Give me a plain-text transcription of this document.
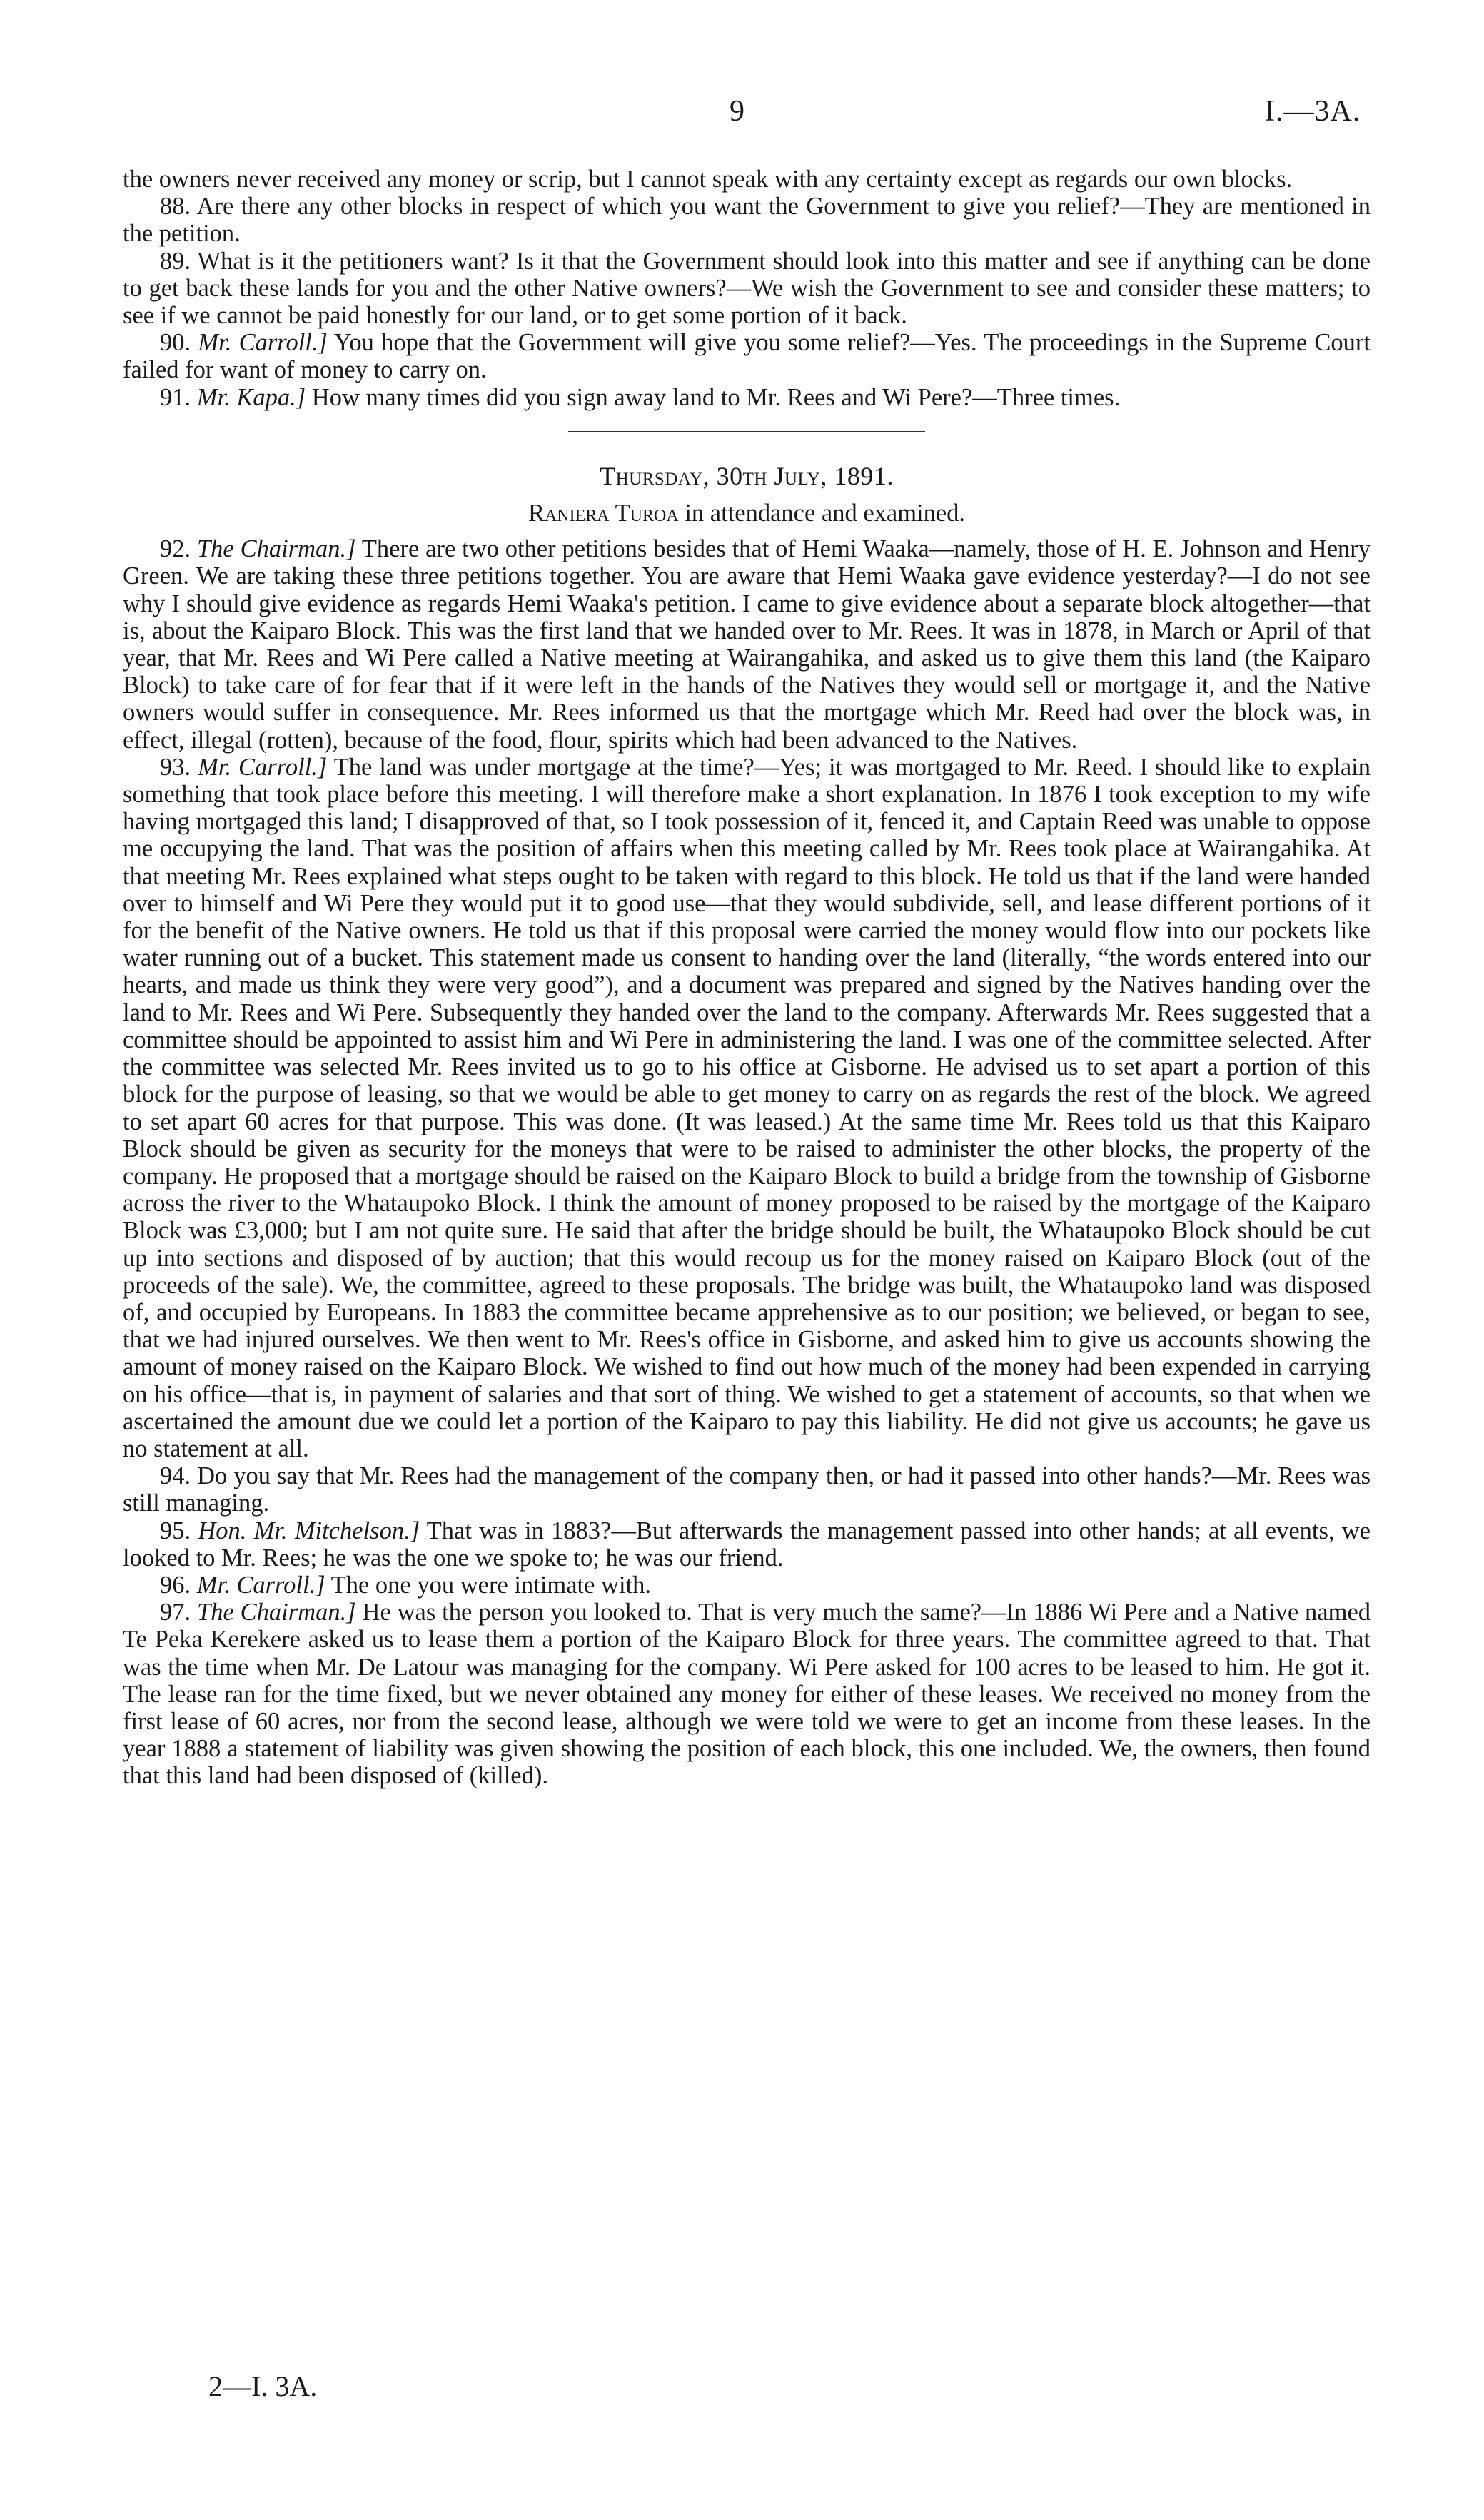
9	I.—3A.

the owners never received any money or scrip, but I cannot speak with any certainty except as regards our own blocks.

88. Are there any other blocks in respect of which you want the Government to give you relief?—They are mentioned in the petition.

89. What is it the petitioners want? Is it that the Government should look into this matter and see if anything can be done to get back these lands for you and the other Native owners?—We wish the Government to see and consider these matters; to see if we cannot be paid honestly for our land, or to get some portion of it back.

90. Mr. Carroll.] You hope that the Government will give you some relief?—Yes. The proceedings in the Supreme Court failed for want of money to carry on.

91. Mr. Kapa.] How many times did you sign away land to Mr. Rees and Wi Pere?—Three times.

Thursday, 30th July, 1891.

Raniera Turoa in attendance and examined.

92. The Chairman.] There are two other petitions besides that of Hemi Waaka—namely, those of H. E. Johnson and Henry Green. We are taking these three petitions together. You are aware that Hemi Waaka gave evidence yesterday?—I do not see why I should give evidence as regards Hemi Waaka's petition. I came to give evidence about a separate block altogether—that is, about the Kaiparo Block. This was the first land that we handed over to Mr. Rees. It was in 1878, in March or April of that year, that Mr. Rees and Wi Pere called a Native meeting at Wairangahika, and asked us to give them this land (the Kaiparo Block) to take care of for fear that if it were left in the hands of the Natives they would sell or mortgage it, and the Native owners would suffer in consequence. Mr. Rees informed us that the mortgage which Mr. Reed had over the block was, in effect, illegal (rotten), because of the food, flour, spirits which had been advanced to the Natives.

93. Mr. Carroll.] The land was under mortgage at the time?—Yes; it was mortgaged to Mr. Reed. I should like to explain something that took place before this meeting. I will therefore make a short explanation. In 1876 I took exception to my wife having mortgaged this land; I disapproved of that, so I took possession of it, fenced it, and Captain Reed was unable to oppose me occupying the land. That was the position of affairs when this meeting called by Mr. Rees took place at Wairangahika. At that meeting Mr. Rees explained what steps ought to be taken with regard to this block. He told us that if the land were handed over to himself and Wi Pere they would put it to good use—that they would subdivide, sell, and lease different portions of it for the benefit of the Native owners. He told us that if this proposal were carried the money would flow into our pockets like water running out of a bucket. This statement made us consent to handing over the land (literally, “the words entered into our hearts, and made us think they were very good”), and a document was prepared and signed by the Natives handing over the land to Mr. Rees and Wi Pere. Subsequently they handed over the land to the company. Afterwards Mr. Rees suggested that a committee should be appointed to assist him and Wi Pere in administering the land. I was one of the committee selected. After the committee was selected Mr. Rees invited us to go to his office at Gisborne. He advised us to set apart a portion of this block for the purpose of leasing, so that we would be able to get money to carry on as regards the rest of the block. We agreed to set apart 60 acres for that purpose. This was done. (It was leased.) At the same time Mr. Rees told us that this Kaiparo Block should be given as security for the moneys that were to be raised to administer the other blocks, the property of the company. He proposed that a mortgage should be raised on the Kaiparo Block to build a bridge from the township of Gisborne across the river to the Whataupoko Block. I think the amount of money proposed to be raised by the mortgage of the Kaiparo Block was £3,000; but I am not quite sure. He said that after the bridge should be built, the Whataupoko Block should be cut up into sections and disposed of by auction; that this would recoup us for the money raised on Kaiparo Block (out of the proceeds of the sale). We, the committee, agreed to these proposals. The bridge was built, the Whataupoko land was disposed of, and occupied by Europeans. In 1883 the committee became apprehensive as to our position; we believed, or began to see, that we had injured ourselves. We then went to Mr. Rees's office in Gisborne, and asked him to give us accounts showing the amount of money raised on the Kaiparo Block. We wished to find out how much of the money had been expended in carrying on his office—that is, in payment of salaries and that sort of thing. We wished to get a statement of accounts, so that when we ascertained the amount due we could let a portion of the Kaiparo to pay this liability. He did not give us accounts; he gave us no statement at all.

94. Do you say that Mr. Rees had the management of the company then, or had it passed into other hands?—Mr. Rees was still managing.

95. Hon. Mr. Mitchelson.] That was in 1883?—But afterwards the management passed into other hands; at all events, we looked to Mr. Rees; he was the one we spoke to; he was our friend.

96. Mr. Carroll.] The one you were intimate with.

97. The Chairman.] He was the person you looked to. That is very much the same?—In 1886 Wi Pere and a Native named Te Peka Kerekere asked us to lease them a portion of the Kaiparo Block for three years. The committee agreed to that. That was the time when Mr. De Latour was managing for the company. Wi Pere asked for 100 acres to be leased to him. He got it. The lease ran for the time fixed, but we never obtained any money for either of these leases. We received no money from the first lease of 60 acres, nor from the second lease, although we were told we were to get an income from these leases. In the year 1888 a statement of liability was given showing the position of each block, this one included. We, the owners, then found that this land had been disposed of (killed).

2—I. 3A.
